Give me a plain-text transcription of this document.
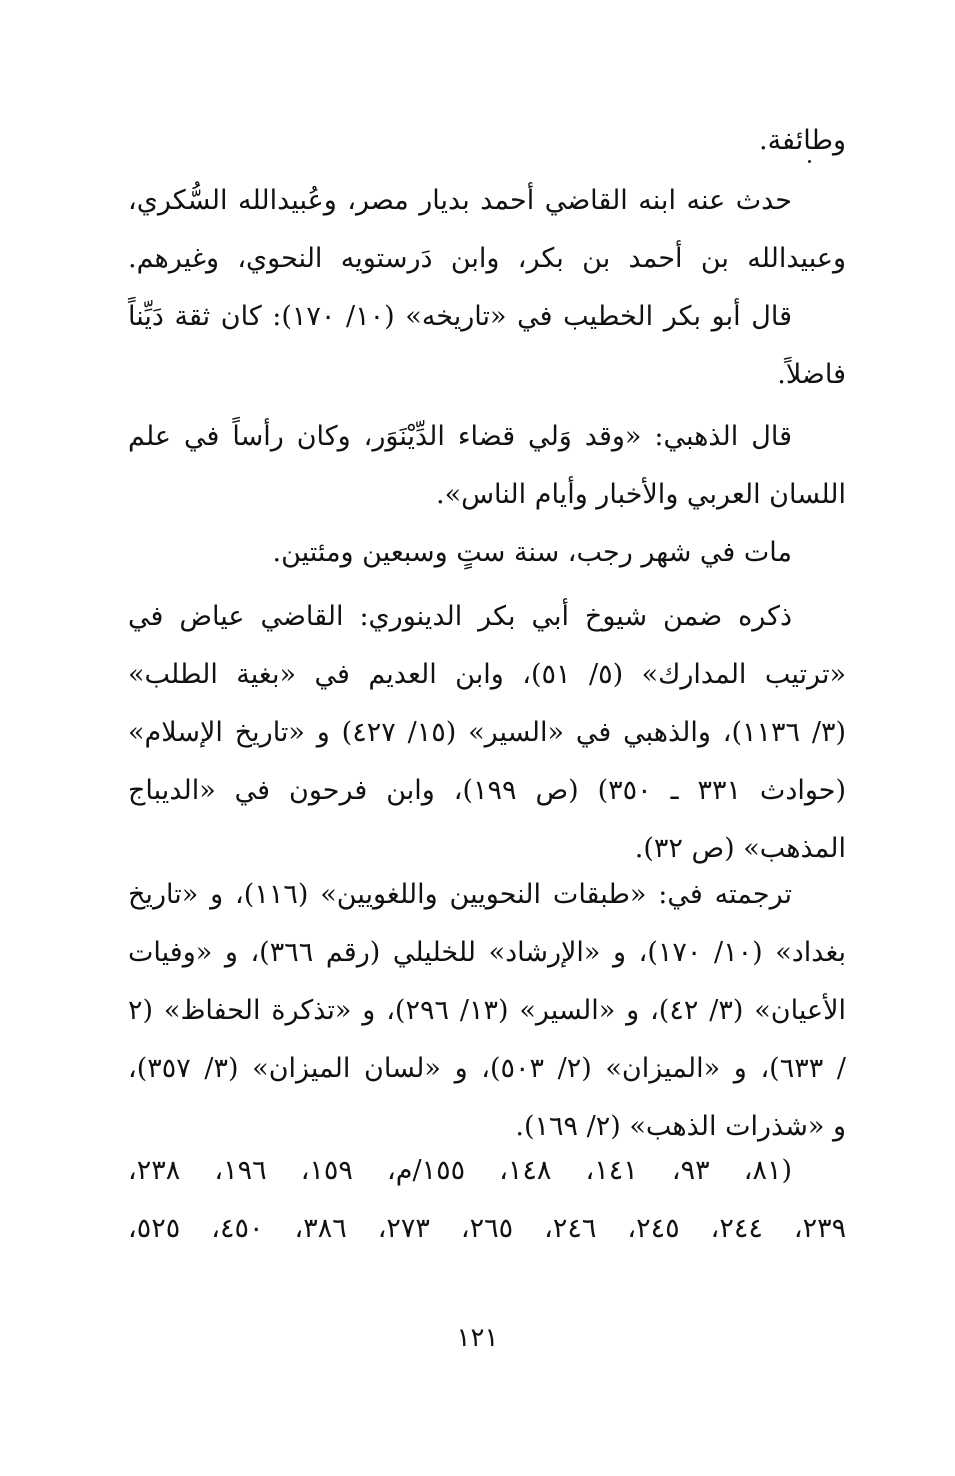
وطائفة.
حدث عنه ابنه القاضي أحمد بديار مصر، وعُبيدالله السُّكري،
وعبيدالله بن أحمد بن بكر، وابن دَرستويه النحوي، وغيرهم.
قال أبو بكر الخطيب في «تاريخه» (١٠/ ١٧٠): كان ثقة دَيِّناً
فاضلاً.
قال الذهبي: «وقد وَلي قضاء الدِّيْنَوَر، وكان رأساً في علم
اللسان العربي والأخبار وأيام الناس».
مات في شهر رجب، سنة ستٍ وسبعين ومئتين.
ذكره ضمن شيوخ أبي بكر الدينوري: القاضي عياض في
«ترتيب المدارك» (٥/ ٥١)، وابن العديم في «بغية الطلب»
(٣/ ١١٣٦)، والذهبي في «السير» (١٥/ ٤٢٧) و «تاريخ الإسلام»
(حوادث ٣٣١ ـ ٣٥٠) (ص ١٩٩)، وابن فرحون في «الديباج
المذهب» (ص ٣٢).
ترجمته في: «طبقات النحويين واللغويين» (١١٦)، و «تاريخ
بغداد» (١٠/ ١٧٠)، و «الإرشاد» للخليلي (رقم ٣٦٦)، و «وفيات
الأعيان» (٣/ ٤٢)، و «السير» (١٣/ ٢٩٦)، و «تذكرة الحفاظ» (٢
/ ٦٣٣)، و «الميزان» (٢/ ٥٠٣)، و «لسان الميزان» (٣/ ٣٥٧)،
و «شذرات الذهب» (٢/ ١٦٩).
(٨١، ٩٣، ١٤١، ١٤٨، ١٥٥/م، ١٥٩، ١٩٦، ٢٣٨،
٢٣٩، ٢٤٤، ٢٤٥، ٢٤٦، ٢٦٥، ٢٧٣، ٣٨٦، ٤٥٠، ٥٢٥،
١٢١
